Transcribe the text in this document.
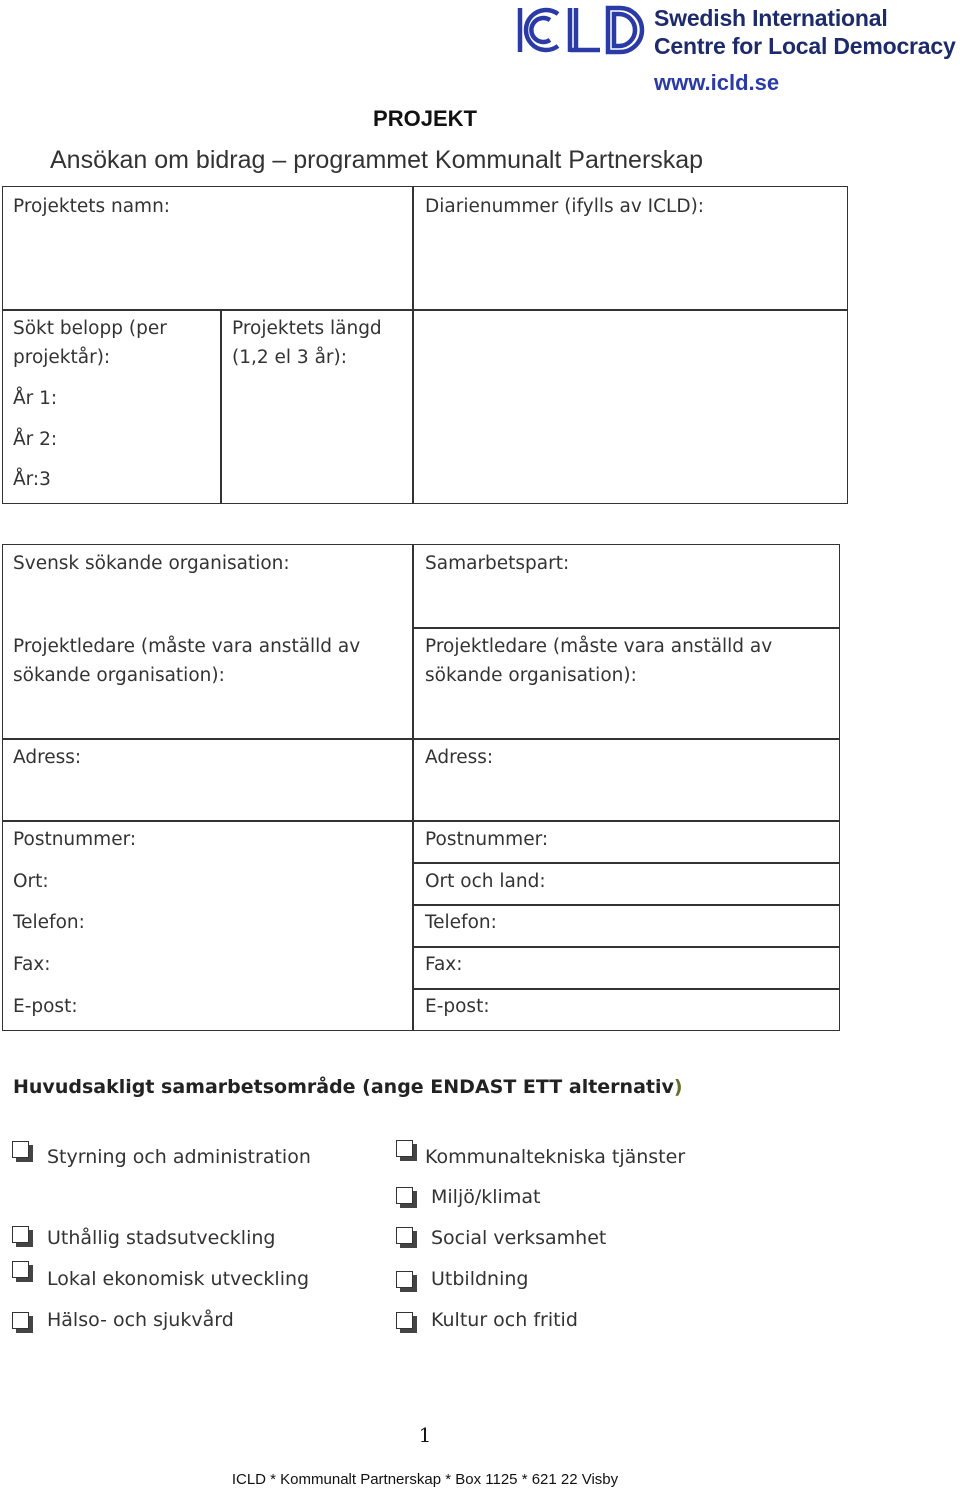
Swedish International
Centre for Local Democracy
www.icld.se
PROJEKT
Ansökan om bidrag – programmet Kommunalt Partnerskap
Projektets namn:	Diarienummer (ifylls av ICLD):
Sökt belopp (per
projektår):
År 1:
År 2:
År:3
Projektets längd
(1,2 el 3 år):
Svensk sökande organisation:
Projektledare (måste vara anställd av
sökande organisation):
Adress:
Postnummer:
Ort:
Telefon:
Fax:
E-post:
Samarbetspart:
Projektledare (måste vara anställd av
sökande organisation):
Adress:
Postnummer:
Ort och land:
Telefon:
Fax:
E-post:
Huvudsakligt samarbetsområde (ange ENDAST ETT alternativ)
Styrning och administration
Uthållig stadsutveckling
Lokal ekonomisk utveckling
Hälso- och sjukvård
Kommunaltekniska tjänster
Miljö/klimat
Social verksamhet
Utbildning
Kultur och fritid
1
ICLD * Kommunalt Partnerskap * Box 1125 * 621 22 Visby
